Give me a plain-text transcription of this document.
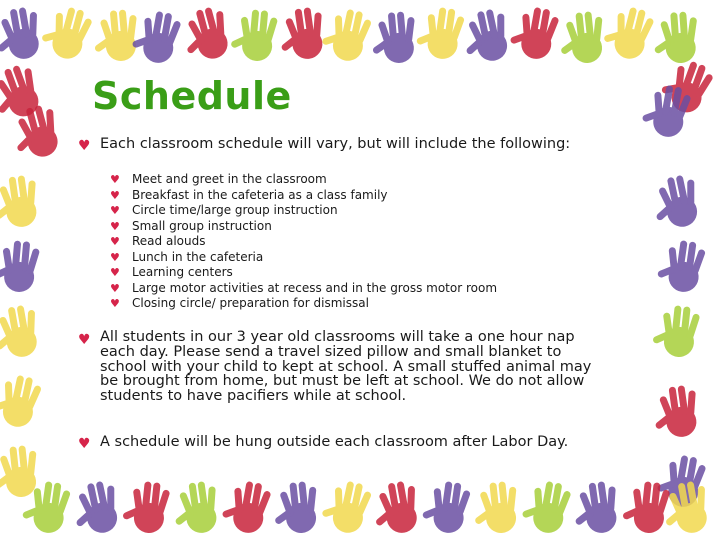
Schedule
♥ Each classroom schedule will vary, but will include the following:
♥ Meet and greet in the classroom
♥ Breakfast in the cafeteria as a class family
♥ Circle time/large group instruction
♥ Small group instruction
♥ Read alouds
♥ Lunch in the cafeteria
♥ Learning centers
♥ Large motor activities at recess and in the gross motor room
♥ Closing circle/ preparation for dismissal
♥ All students in our 3 year old classrooms will take a one hour nap
each day. Please send a travel sized pillow and small blanket to
school with your child to kept at school. A small stuffed animal may
be brought from home, but must be left at school. We do not allow
students to have pacifiers while at school.
♥ A schedule will be hung outside each classroom after Labor Day.
